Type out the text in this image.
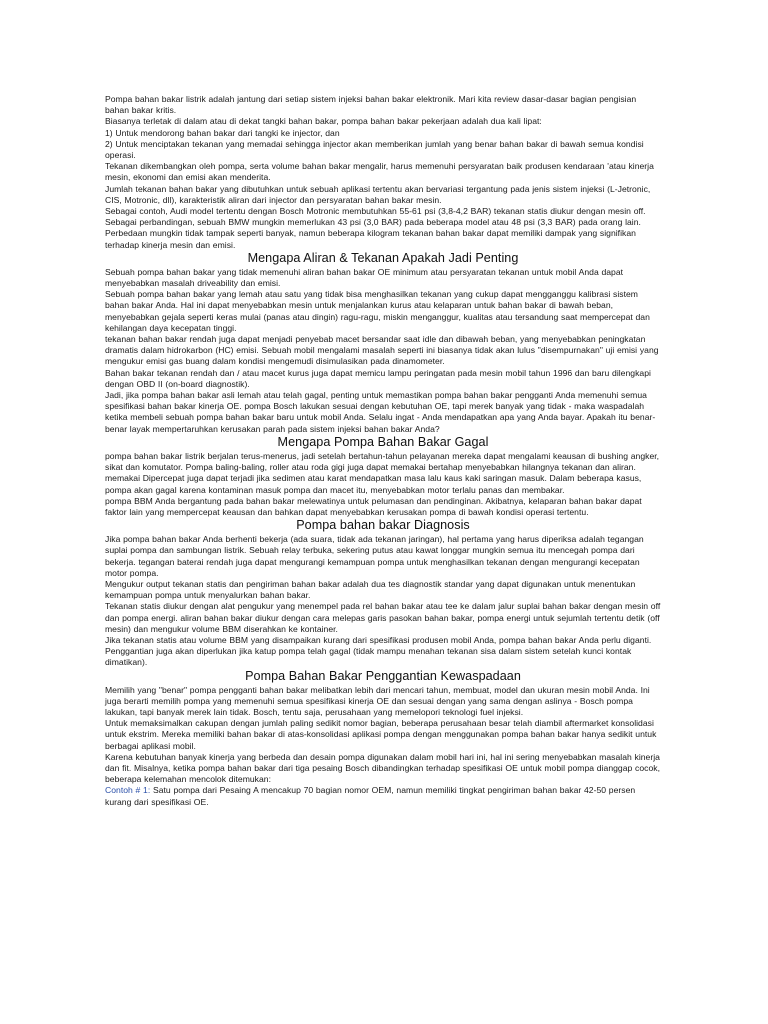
Pompa bahan bakar listrik adalah jantung dari setiap sistem injeksi bahan bakar elektronik. Mari kita review dasar-dasar bagian pengisian bahan bakar kritis.

Biasanya terletak di dalam atau di dekat tangki bahan bakar, pompa bahan bakar pekerjaan adalah dua kali lipat:

1) Untuk mendorong bahan bakar dari tangki ke injector, dan

2) Untuk menciptakan tekanan yang memadai sehingga injector akan memberikan jumlah yang benar bahan bakar di bawah semua kondisi operasi.

Tekanan dikembangkan oleh pompa, serta volume bahan bakar mengalir, harus memenuhi persyaratan baik produsen kendaraan 'atau kinerja mesin, ekonomi dan emisi akan menderita.

Jumlah tekanan bahan bakar yang dibutuhkan untuk sebuah aplikasi tertentu akan bervariasi tergantung pada jenis sistem injeksi (L-Jetronic, CIS, Motronic, dll), karakteristik aliran dari injector dan persyaratan bahan bakar mesin.

Sebagai contoh, Audi model tertentu dengan Bosch Motronic membutuhkan 55-61 psi (3,8-4,2 BAR) tekanan statis diukur dengan mesin off. Sebagai perbandingan, sebuah BMW mungkin memerlukan 43 psi (3,0 BAR) pada beberapa model atau 48 psi (3,3 BAR) pada orang lain. Perbedaan mungkin tidak tampak seperti banyak, namun beberapa kilogram tekanan bahan bakar dapat memiliki dampak yang signifikan terhadap kinerja mesin dan emisi.

Mengapa Aliran & Tekanan Apakah Jadi Penting

Sebuah pompa bahan bakar yang tidak memenuhi aliran bahan bakar OE minimum atau persyaratan tekanan untuk mobil Anda dapat menyebabkan masalah driveability dan emisi.

Sebuah pompa bahan bakar yang lemah atau satu yang tidak bisa menghasilkan tekanan yang cukup dapat mengganggu kalibrasi sistem bahan bakar Anda. Hal ini dapat menyebabkan mesin untuk menjalankan kurus atau kelaparan untuk bahan bakar di bawah beban, menyebabkan gejala seperti keras mulai (panas atau dingin) ragu-ragu, miskin menganggur, kualitas atau tersandung saat mempercepat dan kehilangan daya kecepatan tinggi.

tekanan bahan bakar rendah juga dapat menjadi penyebab macet bersandar saat idle dan dibawah beban, yang menyebabkan peningkatan dramatis dalam hidrokarbon (HC) emisi. Sebuah mobil mengalami masalah seperti ini biasanya tidak akan lulus "disempurnakan" uji emisi yang mengukur emisi gas buang dalam kondisi mengemudi disimulasikan pada dinamometer.

Bahan bakar tekanan rendah dan / atau macet kurus juga dapat memicu lampu peringatan pada mesin mobil tahun 1996 dan baru dilengkapi dengan OBD II (on-board diagnostik).

Jadi, jika pompa bahan bakar asli lemah atau telah gagal, penting untuk memastikan pompa bahan bakar pengganti Anda memenuhi semua spesifikasi bahan bakar kinerja OE. pompa Bosch lakukan sesuai dengan kebutuhan OE, tapi merek banyak yang tidak - maka waspadalah ketika membeli sebuah pompa bahan bakar baru untuk mobil Anda. Selalu ingat - Anda mendapatkan apa yang Anda bayar. Apakah itu benar-benar layak mempertaruhkan kerusakan parah pada sistem injeksi bahan bakar Anda?

Mengapa Pompa Bahan Bakar Gagal

pompa bahan bakar listrik berjalan terus-menerus, jadi setelah bertahun-tahun pelayanan mereka dapat mengalami keausan di bushing angker, sikat dan komutator. Pompa baling-baling, roller atau roda gigi juga dapat memakai bertahap menyebabkan hilangnya tekanan dan aliran.

memakai Dipercepat juga dapat terjadi jika sedimen atau karat mendapatkan masa lalu kaus kaki saringan masuk. Dalam beberapa kasus, pompa akan gagal karena kontaminan masuk pompa dan macet itu, menyebabkan motor terlalu panas dan membakar.

pompa BBM Anda bergantung pada bahan bakar melewatinya untuk pelumasan dan pendinginan. Akibatnya, kelaparan bahan bakar dapat faktor lain yang mempercepat keausan dan bahkan dapat menyebabkan kerusakan pompa di bawah kondisi operasi tertentu.

Pompa bahan bakar Diagnosis

Jika pompa bahan bakar Anda berhenti bekerja (ada suara, tidak ada tekanan jaringan), hal pertama yang harus diperiksa adalah tegangan suplai pompa dan sambungan listrik. Sebuah relay terbuka, sekering putus atau kawat longgar mungkin semua itu mencegah pompa dari bekerja. tegangan baterai rendah juga dapat mengurangi kemampuan pompa untuk menghasilkan tekanan dengan mengurangi kecepatan motor pompa.

Mengukur output tekanan statis dan pengiriman bahan bakar adalah dua tes diagnostik standar yang dapat digunakan untuk menentukan kemampuan pompa untuk menyalurkan bahan bakar.

Tekanan statis diukur dengan alat pengukur yang menempel pada rel bahan bakar atau tee ke dalam jalur suplai bahan bakar dengan mesin off dan pompa energi. aliran bahan bakar diukur dengan cara melepas garis pasokan bahan bakar, pompa energi untuk sejumlah tertentu detik (off mesin) dan mengukur volume BBM diserahkan ke kontainer.

Jika tekanan statis atau volume BBM yang disampaikan kurang dari spesifikasi produsen mobil Anda, pompa bahan bakar Anda perlu diganti. Penggantian juga akan diperlukan jika katup pompa telah gagal (tidak mampu menahan tekanan sisa dalam sistem setelah kunci kontak dimatikan).

Pompa Bahan Bakar Penggantian Kewaspadaan

Memilih yang "benar" pompa pengganti bahan bakar melibatkan lebih dari mencari tahun, membuat, model dan ukuran mesin mobil Anda. Ini juga berarti memilih pompa yang memenuhi semua spesifikasi kinerja OE dan sesuai dengan yang sama dengan aslinya - Bosch pompa lakukan, tapi banyak merek lain tidak. Bosch, tentu saja, perusahaan yang memelopori teknologi fuel injeksi.

Untuk memaksimalkan cakupan dengan jumlah paling sedikit nomor bagian, beberapa perusahaan besar telah diambil aftermarket konsolidasi untuk ekstrim. Mereka memiliki bahan bakar di atas-konsolidasi aplikasi pompa dengan menggunakan pompa bahan bakar hanya sedikit untuk berbagai aplikasi mobil.

Karena kebutuhan banyak kinerja yang berbeda dan desain pompa digunakan dalam mobil hari ini, hal ini sering menyebabkan masalah kinerja dan fit. Misalnya, ketika pompa bahan bakar dari tiga pesaing Bosch dibandingkan terhadap spesifikasi OE untuk mobil pompa dianggap cocok, beberapa kelemahan mencolok ditemukan:

Contoh # 1: Satu pompa dari Pesaing A mencakup 70 bagian nomor OEM, namun memiliki tingkat pengiriman bahan bakar 42-50 persen kurang dari spesifikasi OE.
